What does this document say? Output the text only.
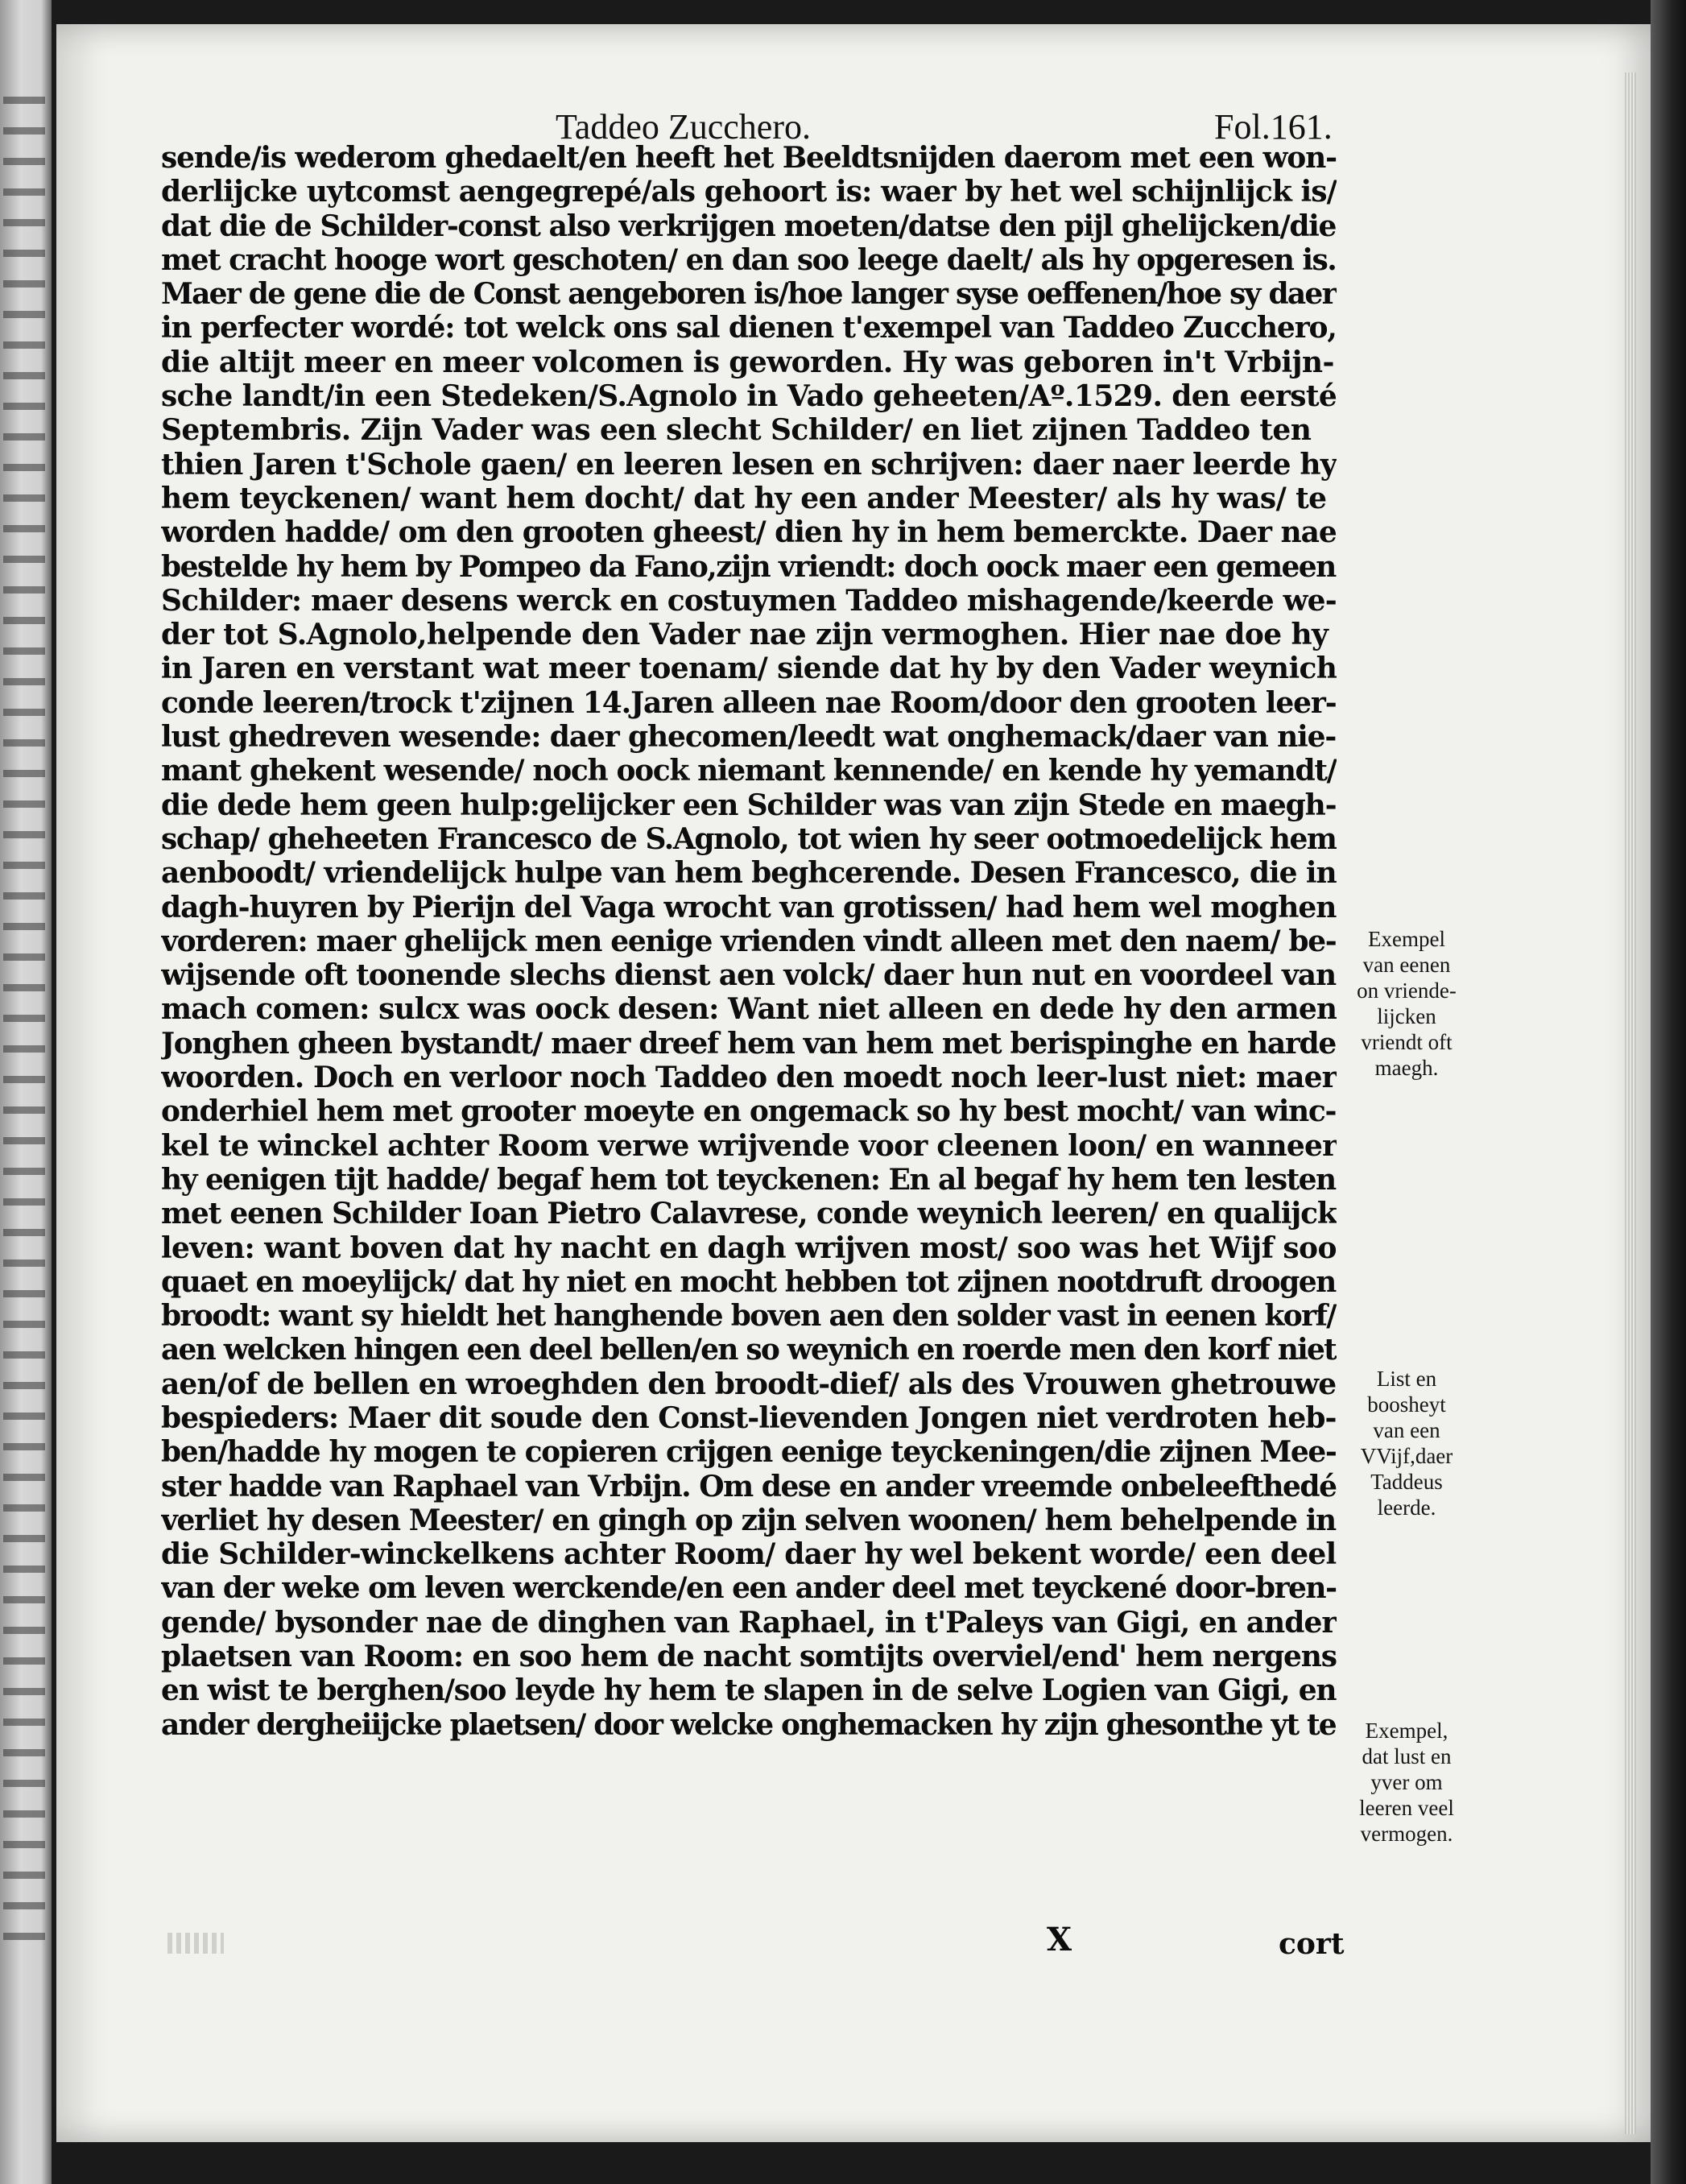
Taddeo Zucchero.	Fol.161.
sende/is wederom ghedaelt/en heeft het Beeldtsnijden daerom met een won-
derlijcke uytcomst aengegrepé/als gehoort is: waer by het wel schijnlijck is/
dat die de Schilder-const also verkrijgen moeten/datse den pijl ghelijcken/die
met cracht hooge wort geschoten/ en dan soo leege daelt/ als hy opgeresen is.
Maer de gene die de Const aengeboren is/hoe langer syse oeffenen/hoe sy daer
in perfecter wordé: tot welck ons sal dienen t'exempel van Taddeo Zucchero,
die altijt meer en meer volcomen is geworden. Hy was geboren in't Vrbijn-
sche landt/in een Stedeken/S.Agnolo in Vado geheeten/Aº.1529. den eersté
Septembris. Zijn Vader was een slecht Schilder/ en liet zijnen Taddeo ten
thien Jaren t'Schole gaen/ en leeren lesen en schrijven: daer naer leerde hy
hem teyckenen/ want hem docht/ dat hy een ander Meester/ als hy was/ te
worden hadde/ om den grooten gheest/ dien hy in hem bemerckte. Daer nae
bestelde hy hem by Pompeo da Fano,zijn vriendt: doch oock maer een gemeen
Schilder: maer desens werck en costuymen Taddeo mishagende/keerde we-
der tot S.Agnolo,helpende den Vader nae zijn vermoghen. Hier nae doe hy
in Jaren en verstant wat meer toenam/ siende dat hy by den Vader weynich
conde leeren/trock t'zijnen 14.Jaren alleen nae Room/door den grooten leer-
lust ghedreven wesende: daer ghecomen/leedt wat onghemack/daer van nie-
mant ghekent wesende/ noch oock niemant kennende/ en kende hy yemandt/
die dede hem geen hulp:gelijcker een Schilder was van zijn Stede en maegh-
schap/ gheheeten Francesco de S.Agnolo, tot wien hy seer ootmoedelijck hem
aenboodt/ vriendelijck hulpe van hem beghcerende. Desen Francesco, die in
dagh-huyren by Pierijn del Vaga wrocht van grotissen/ had hem wel moghen
vorderen: maer ghelijck men eenige vrienden vindt alleen met den naem/ be-
wijsende oft toonende slechs dienst aen volck/ daer hun nut en voordeel van
mach comen: sulcx was oock desen: Want niet alleen en dede hy den armen
Jonghen gheen bystandt/ maer dreef hem van hem met berispinghe en harde
woorden. Doch en verloor noch Taddeo den moedt noch leer-lust niet: maer
onderhiel hem met grooter moeyte en ongemack so hy best mocht/ van winc-
kel te winckel achter Room verwe wrijvende voor cleenen loon/ en wanneer
hy eenigen tijt hadde/ begaf hem tot teyckenen: En al begaf hy hem ten lesten
met eenen Schilder Ioan Pietro Calavrese, conde weynich leeren/ en qualijck
leven: want boven dat hy nacht en dagh wrijven most/ soo was het Wijf soo
quaet en moeylijck/ dat hy niet en mocht hebben tot zijnen nootdruft droogen
broodt: want sy hieldt het hanghende boven aen den solder vast in eenen korf/
aen welcken hingen een deel bellen/en so weynich en roerde men den korf niet
aen/of de bellen en wroeghden den broodt-dief/ als des Vrouwen ghetrouwe
bespieders: Maer dit soude den Const-lievenden Jongen niet verdroten heb-
ben/hadde hy mogen te copieren crijgen eenige teyckeningen/die zijnen Mee-
ster hadde van Raphael van Vrbijn. Om dese en ander vreemde onbeleefthedé
verliet hy desen Meester/ en gingh op zijn selven woonen/ hem behelpende in
die Schilder-winckelkens achter Room/ daer hy wel bekent worde/ een deel
van der weke om leven werckende/en een ander deel met teyckené door-bren-
gende/ bysonder nae de dinghen van Raphael, in t'Paleys van Gigi, en ander
plaetsen van Room: en soo hem de nacht somtijts overviel/end' hem nergens
en wist te berghen/soo leyde hy hem te slapen in de selve Logien van Gigi, en
ander dergheiijcke plaetsen/ door welcke onghemacken hy zijn ghesonthe yt te
Exempel
van eenen
on vriende-
lijcken
vriendt oft
maegh.
List en
boosheyt
van een
VVijf,daer
Taddeus
leerde.
Exempel,
dat lust en
yver om
leeren veel
vermogen.
X	cort
